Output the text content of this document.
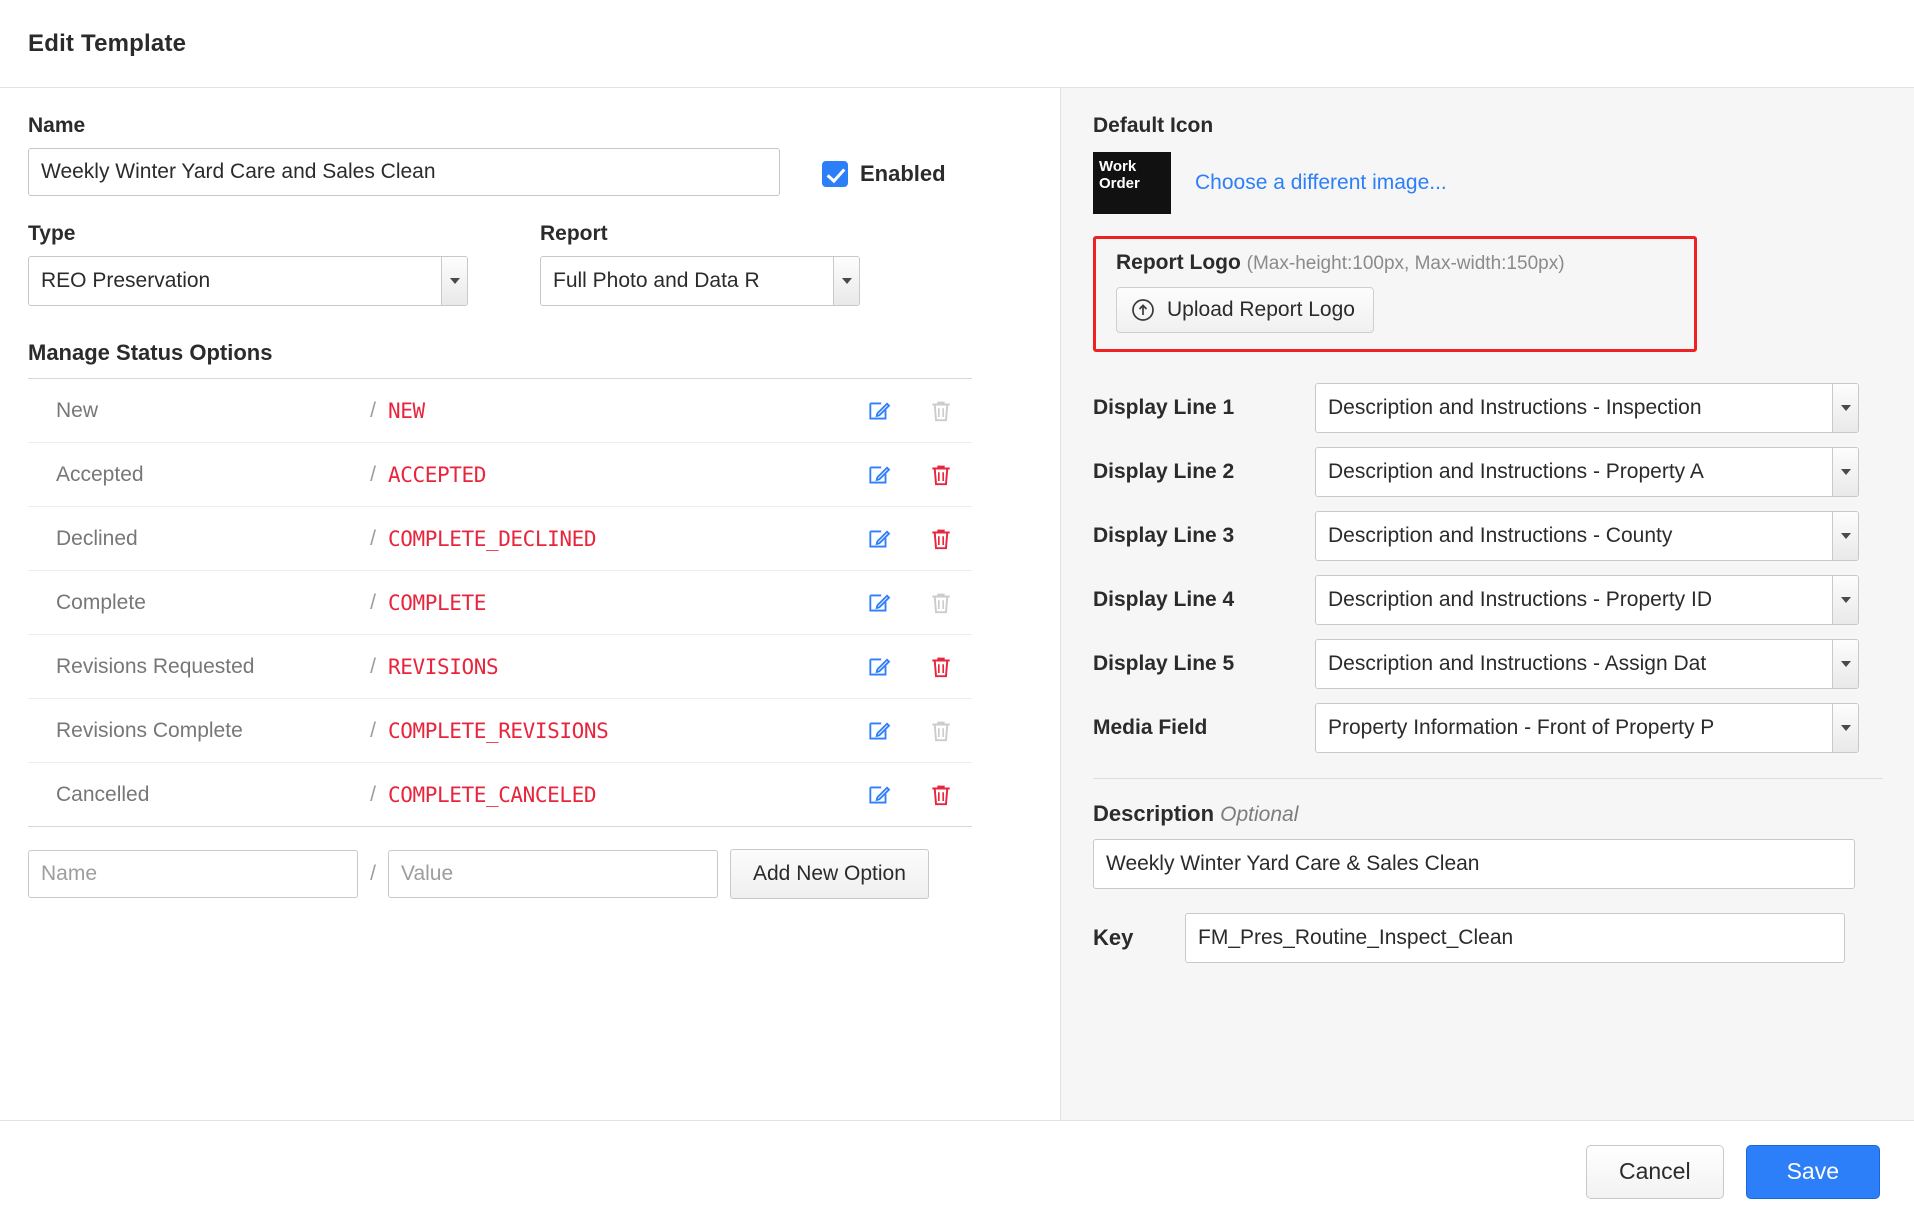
Edit Template
Name
Weekly Winter Yard Care and Sales Clean
Enabled
Type
REO Preservation
Report
Full Photo and Data R
Manage Status Options
New	/ NEW
Accepted	/ ACCEPTED
Declined	/ COMPLETE_DECLINED
Complete	/ COMPLETE
Revisions Requested	/ REVISIONS
Revisions Complete	/ COMPLETE_REVISIONS
Cancelled	/ COMPLETE_CANCELED
Name
/
Value	Add New Option
Default Icon
Work
Order	Choose a different image...
Report Logo (Max-height:100px, Max-width:150px)
Upload Report Logo
Display Line 1	Description and Instructions - Inspection
Display Line 2	Description and Instructions - Property A
Display Line 3	Description and Instructions - County
Display Line 4	Description and Instructions - Property ID
Display Line 5	Description and Instructions - Assign Dat
Media Field	Property Information - Front of Property P
Description Optional
Weekly Winter Yard Care & Sales Clean
Key
FM_Pres_Routine_Inspect_Clean
Cancel	Save
